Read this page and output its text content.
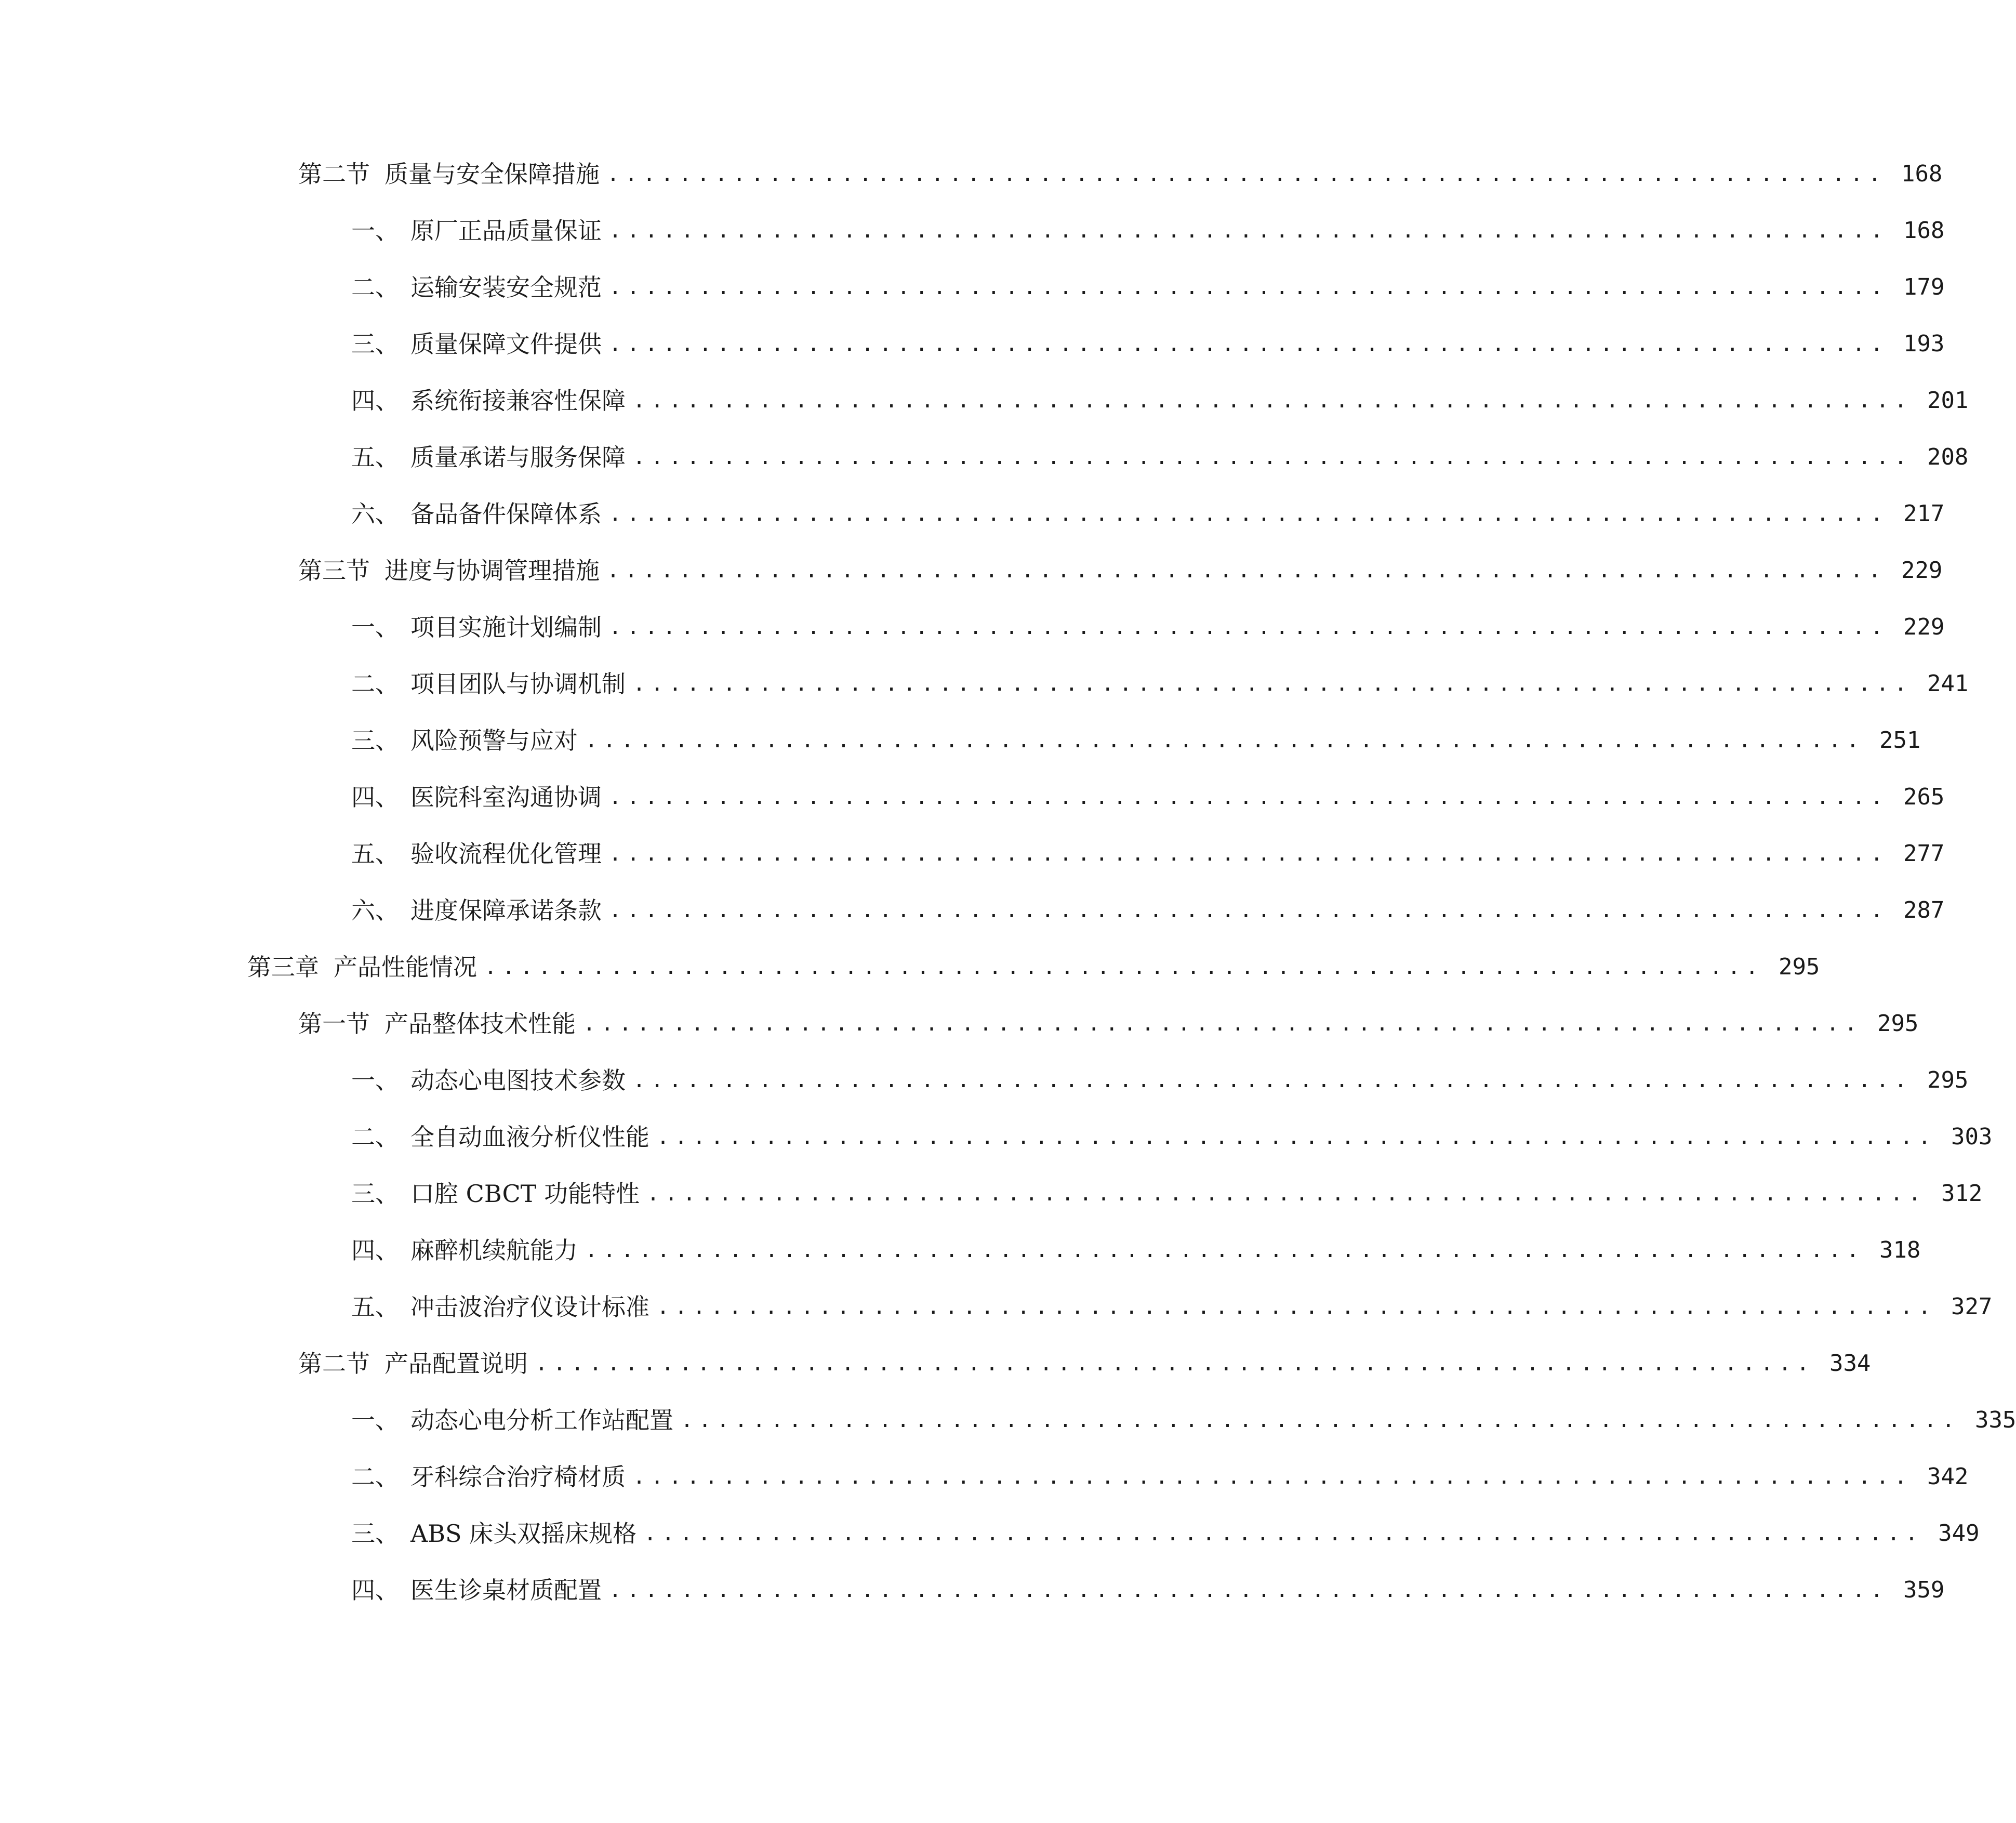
第二节 质量与安全保障措施 ....................................................................... 168
一、 原厂正品质量保证 ....................................................................... 168
二、 运输安装安全规范 ....................................................................... 179
三、 质量保障文件提供 ....................................................................... 193
四、 系统衔接兼容性保障 ....................................................................... 201
五、 质量承诺与服务保障 ....................................................................... 208
六、 备品备件保障体系 ....................................................................... 217
第三节 进度与协调管理措施 ....................................................................... 229
一、 项目实施计划编制 ....................................................................... 229
二、 项目团队与协调机制 ....................................................................... 241
三、 风险预警与应对 ....................................................................... 251
四、 医院科室沟通协调 ....................................................................... 265
五、 验收流程优化管理 ....................................................................... 277
六、 进度保障承诺条款 ....................................................................... 287
第三章 产品性能情况 ....................................................................... 295
第一节 产品整体技术性能 ....................................................................... 295
一、 动态心电图技术参数 ....................................................................... 295
二、 全自动血液分析仪性能 ....................................................................... 303
三、 口腔 CBCT 功能特性 ....................................................................... 312
四、 麻醉机续航能力 ....................................................................... 318
五、 冲击波治疗仪设计标准 ....................................................................... 327
第二节 产品配置说明 ....................................................................... 334
一、 动态心电分析工作站配置 ....................................................................... 335
二、 牙科综合治疗椅材质 ....................................................................... 342
三、 ABS 床头双摇床规格 ....................................................................... 349
四、 医生诊桌材质配置 ....................................................................... 359
